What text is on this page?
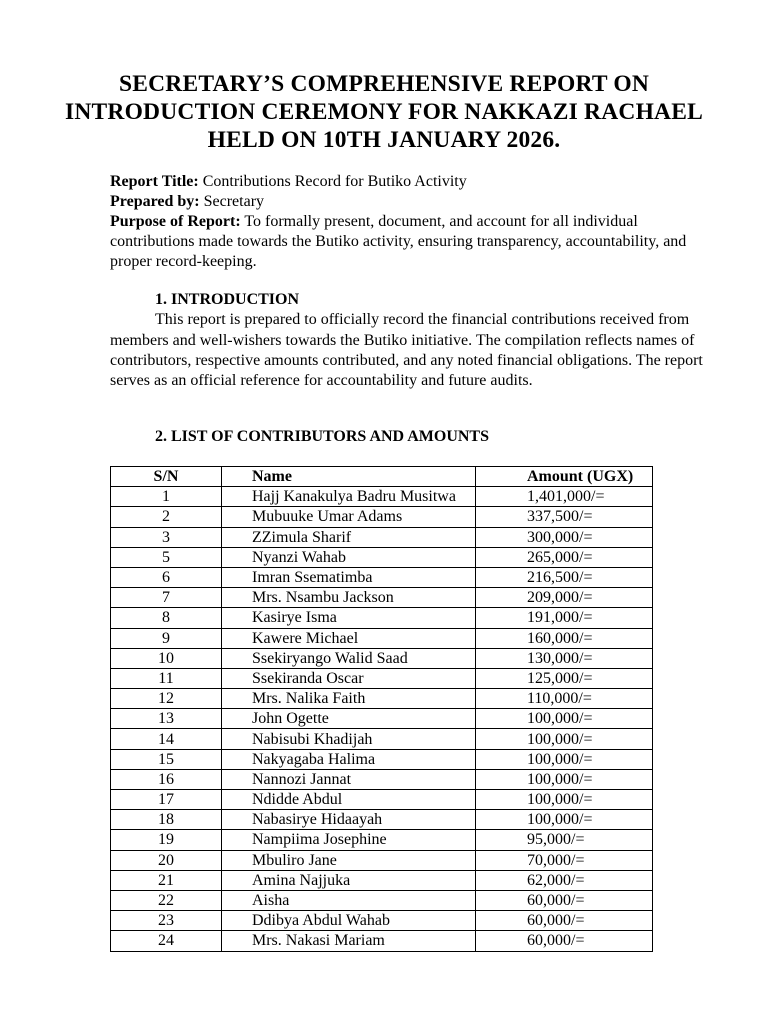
SECRETARY’S COMPREHENSIVE REPORT ON INTRODUCTION CEREMONY FOR NAKKAZI RACHAEL HELD ON 10TH JANUARY 2026.
Report Title: Contributions Record for Butiko Activity
Prepared by: Secretary
Purpose of Report: To formally present, document, and account for all individual contributions made towards the Butiko activity, ensuring transparency, accountability, and proper record-keeping.
1. INTRODUCTION
This report is prepared to officially record the financial contributions received from members and well-wishers towards the Butiko initiative. The compilation reflects names of contributors, respective amounts contributed, and any noted financial obligations. The report serves as an official reference for accountability and future audits.
2. LIST OF CONTRIBUTORS AND AMOUNTS
S/N	Name	Amount (UGX)
1	Hajj Kanakulya Badru Musitwa	1,401,000/=
2	Mubuuke Umar Adams	337,500/=
3	ZZimula Sharif	300,000/=
5	Nyanzi Wahab	265,000/=
6	Imran Ssematimba	216,500/=
7	Mrs. Nsambu Jackson	209,000/=
8	Kasirye Isma	191,000/=
9	Kawere Michael	160,000/=
10	Ssekiryango Walid Saad	130,000/=
11	Ssekiranda Oscar	125,000/=
12	Mrs. Nalika Faith	110,000/=
13	John Ogette	100,000/=
14	Nabisubi Khadijah	100,000/=
15	Nakyagaba Halima	100,000/=
16	Nannozi Jannat	100,000/=
17	Ndidde Abdul	100,000/=
18	Nabasirye Hidaayah	100,000/=
19	Nampiima Josephine	95,000/=
20	Mbuliro Jane	70,000/=
21	Amina Najjuka	62,000/=
22	Aisha	60,000/=
23	Ddibya Abdul Wahab	60,000/=
24	Mrs. Nakasi Mariam	60,000/=
